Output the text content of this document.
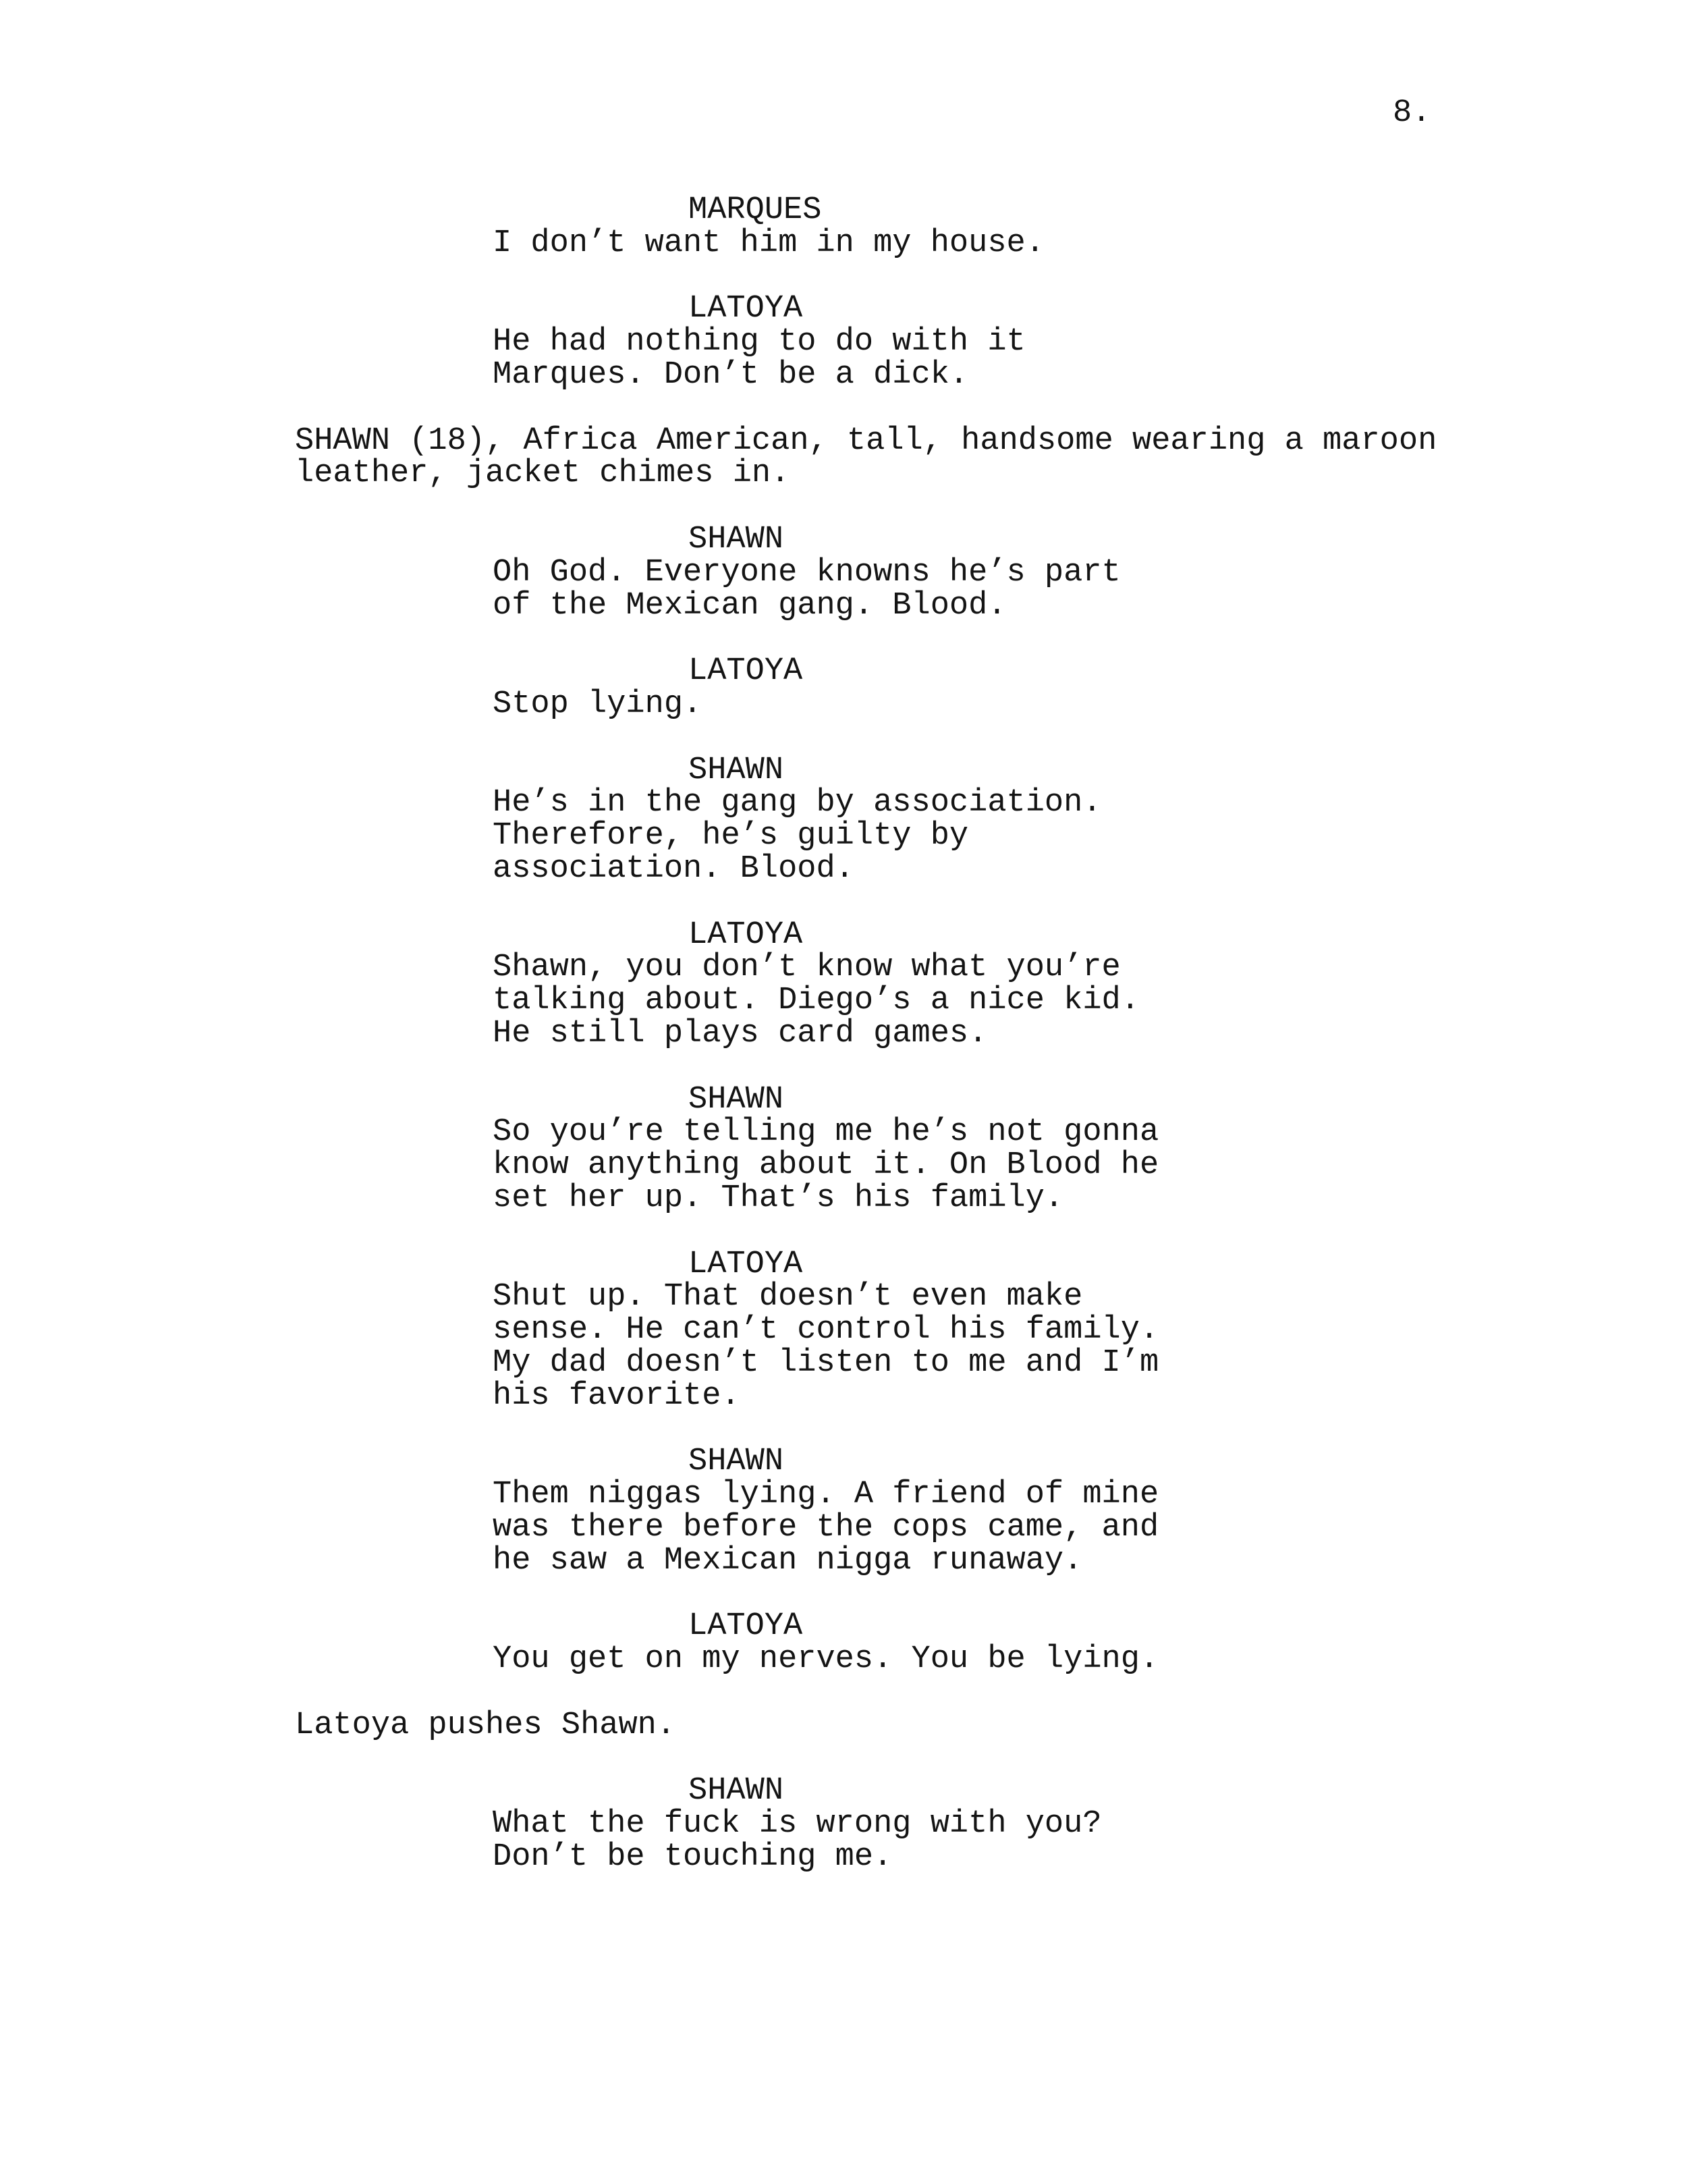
8.
MARQUES
I don’t want him in my house.
LATOYA
He had nothing to do with it
Marques. Don’t be a dick.
SHAWN (18), Africa American, tall, handsome wearing a maroon
leather, jacket chimes in.
SHAWN
Oh God. Everyone knowns he’s part
of the Mexican gang. Blood.
LATOYA
Stop lying.
SHAWN
He’s in the gang by association.
Therefore, he’s guilty by
association. Blood.
LATOYA
Shawn, you don’t know what you’re
talking about. Diego’s a nice kid.
He still plays card games.
SHAWN
So you’re telling me he’s not gonna
know anything about it. On Blood he
set her up. That’s his family.
LATOYA
Shut up. That doesn’t even make
sense. He can’t control his family.
My dad doesn’t listen to me and I’m
his favorite.
SHAWN
Them niggas lying. A friend of mine
was there before the cops came, and
he saw a Mexican nigga runaway.
LATOYA
You get on my nerves. You be lying.
Latoya pushes Shawn.
SHAWN
What the fuck is wrong with you?
Don’t be touching me.
